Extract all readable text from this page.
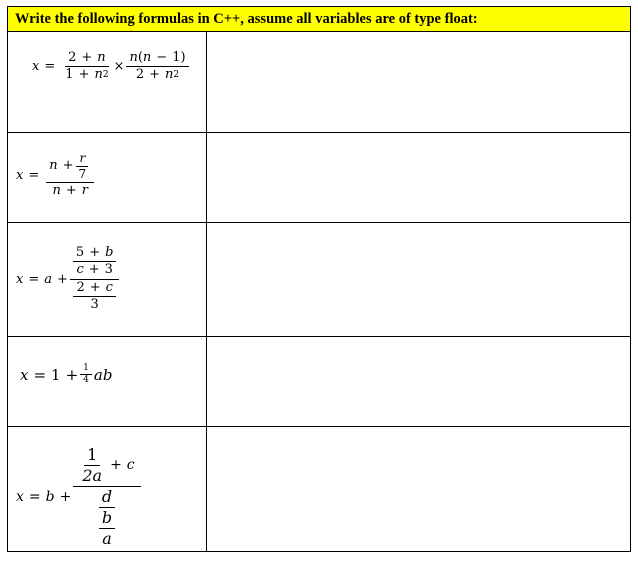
Write the following formulas in C++, assume all variables are of type float:
$x = \frac{2 + n}{1 + n 2} \times \frac{n ( n - 1 )}{2 + n 2}$
$x = \frac{n + \frac{r}{7}}{n + r}$
$x = a + \frac{\frac{5 + b}{c + 3}}{\frac{2 + c}{3}}$
$x = 1 + \frac{1}{4}$ ab
x = b +
$\frac{1}{2a} + c$
$\frac{d}{\frac{b}{a}}$
